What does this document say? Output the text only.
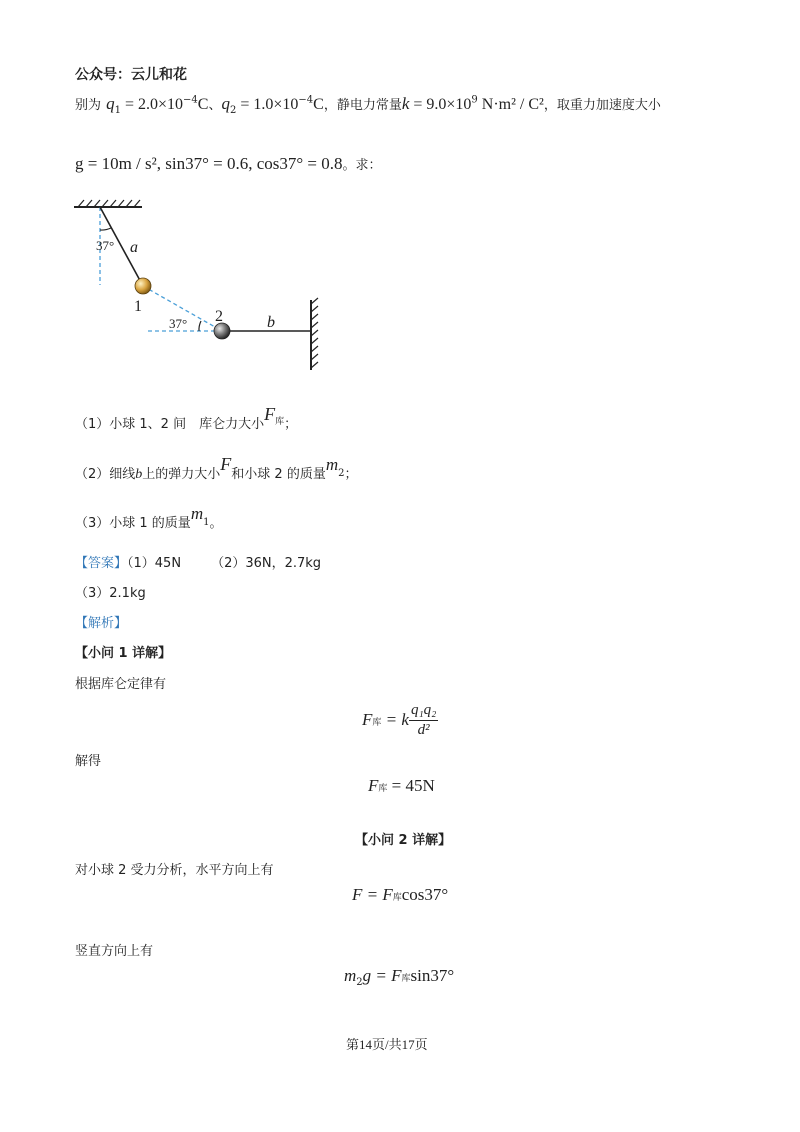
公众号：云儿和花
别为 $q_1 = 2.0\times 10^{-4}C$、$q_2 = 1.0\times 10^{-4}C$，静电力常量$k = 9.0\times 10^9$ N·m² / C²，取重力加速度大小
g = 10m / s², sin37° = 0.6, cos37° = 0.8。求：
37° a
1
2
37°	b
（1）小球 1、2 间　库仑力大小$F^库$；
（2）细线b上的弹力大小F和小球 2 的质量$m_2$；
（3）小球 1 的质量$m_1$。
【答案】（1）45N （2）36N，2.7kg
（3）2.1kg
【解析】
【小问 1 详解】
根据库仑定律有
F库 = k $\frac{\text{q₁q₂}}{\text{d²}}$
解得
F库 = 45N
【小问 2 详解】
对小球 2 受力分析，水平方向上有
F = F库cos37°
竖直方向上有
$m_2g = F$库sin37°
第14页/共17页
